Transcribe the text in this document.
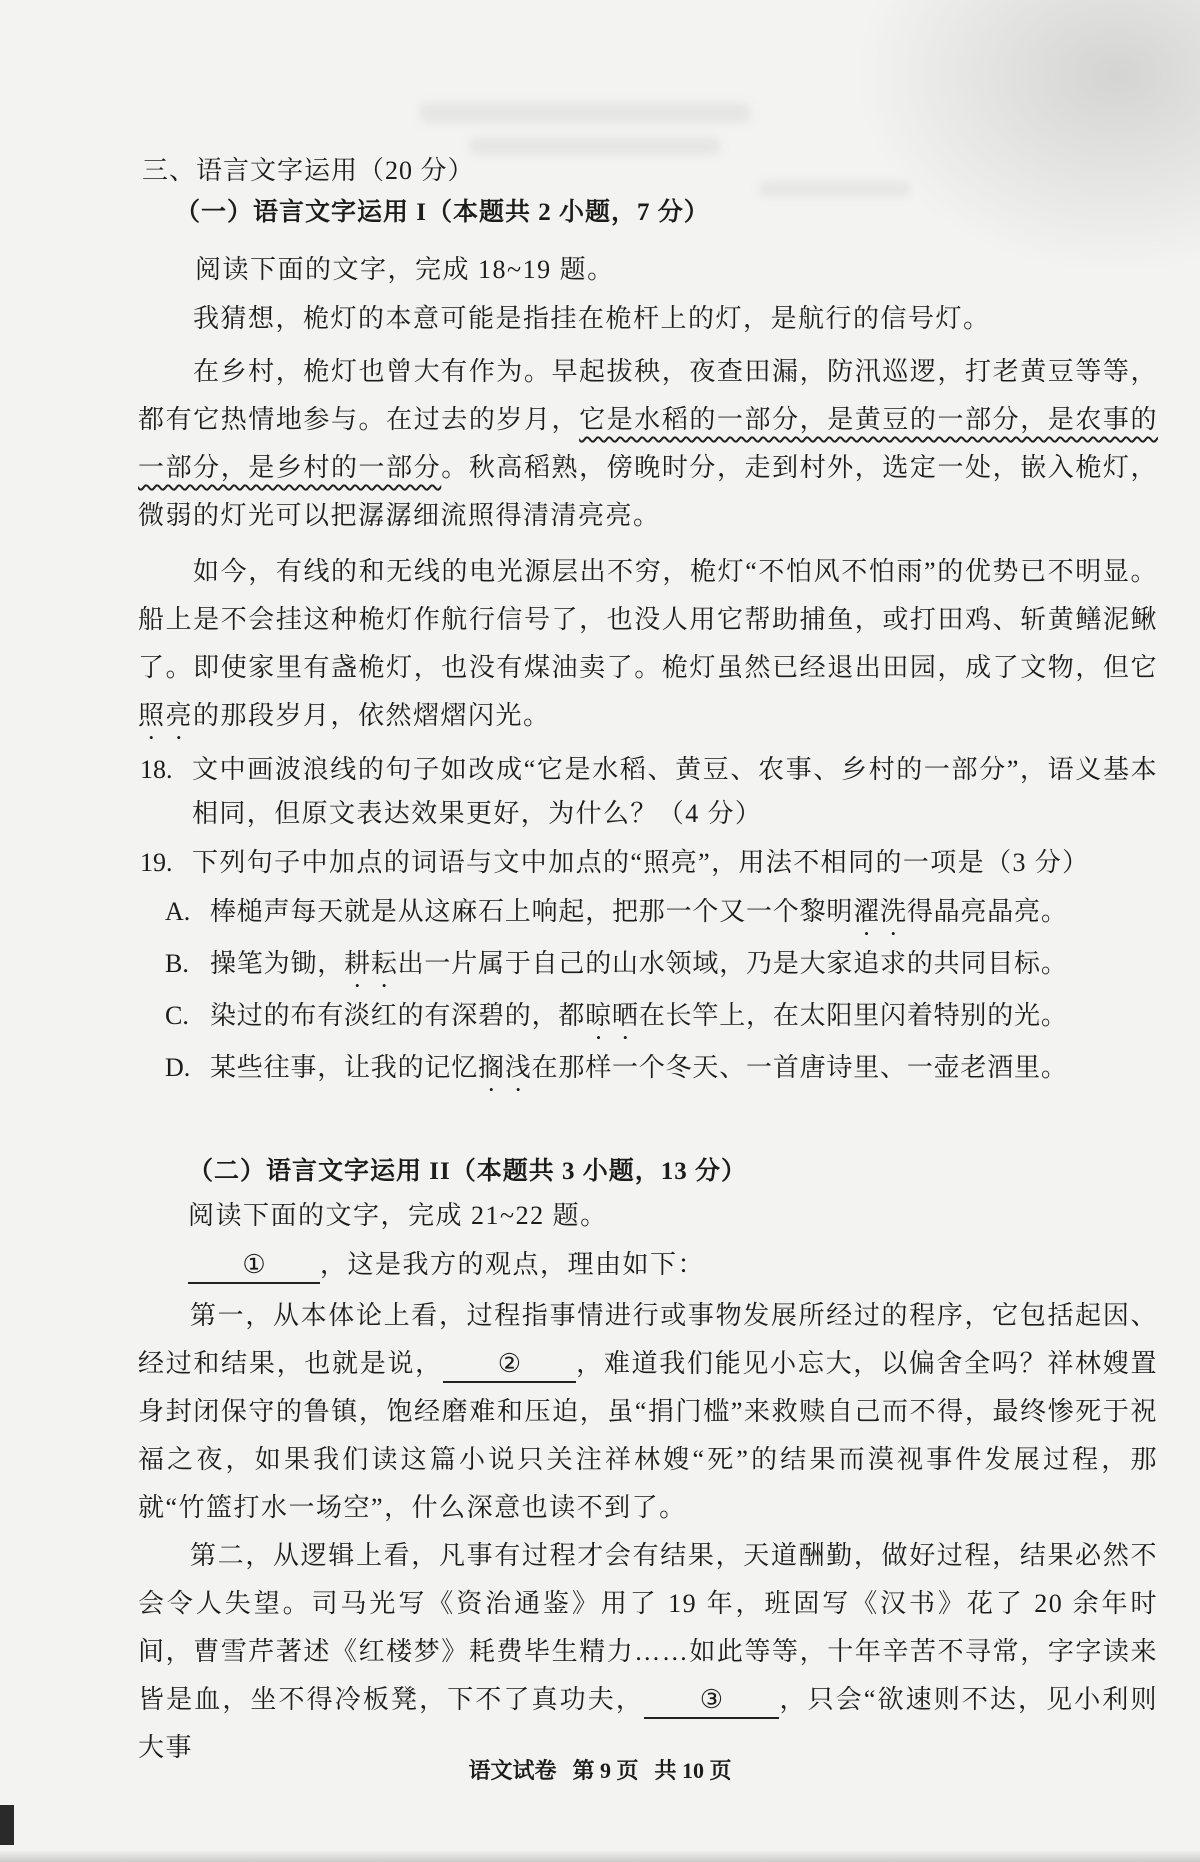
三、语言文字运用（20 分）
（一）语言文字运用 I（本题共 2 小题，7 分）
阅读下面的文字，完成 18~19 题。

我猜想，桅灯的本意可能是指挂在桅杆上的灯，是航行的信号灯。

在乡村，桅灯也曾大有作为。早起拔秧，夜查田漏，防汛巡逻，打老黄豆等等，都有它热情地参与。在过去的岁月，它是水稻的一部分，是黄豆的一部分，是农事的一部分，是乡村的一部分。秋高稻熟，傍晚时分，走到村外，选定一处，嵌入桅灯，微弱的灯光可以把潺潺细流照得清清亮亮。

如今，有线的和无线的电光源层出不穷，桅灯“不怕风不怕雨”的优势已不明显。船上是不会挂这种桅灯作航行信号了，也没人用它帮助捕鱼，或打田鸡、斩黄鳝泥鳅了。即使家里有盏桅灯，也没有煤油卖了。桅灯虽然已经退出田园，成了文物，但它照亮的那段岁月，依然熠熠闪光。

18. 文中画波浪线的句子如改成“它是水稻、黄豆、农事、乡村的一部分”，语义基本相同，但原文表达效果更好，为什么？（4 分）
19. 下列句子中加点的词语与文中加点的“照亮”，用法不相同的一项是（3 分）
A. 棒槌声每天就是从这麻石上响起，把那一个又一个黎明濯洗得晶亮晶亮。
B. 操笔为锄，耕耘出一片属于自己的山水领域，乃是大家追求的共同目标。
C. 染过的布有淡红的有深碧的，都晾晒在长竿上，在太阳里闪着特别的光。
D. 某些往事，让我的记忆搁浅在那样一个冬天、一首唐诗里、一壶老酒里。
（二）语言文字运用 II（本题共 3 小题，13 分）
阅读下面的文字，完成 21~22 题。

① ，这是我方的观点，理由如下：

第一，从本体论上看，过程指事情进行或事物发展所经过的程序，它包括起因、经过和结果，也就是说， ② ，难道我们能见小忘大，以偏舍全吗？祥林嫂置身封闭保守的鲁镇，饱经磨难和压迫，虽“捐门槛”来救赎自己而不得，最终惨死于祝福之夜，如果我们读这篇小说只关注祥林嫂“死”的结果而漠视事件发展过程，那就“竹篮打水一场空”，什么深意也读不到了。

第二，从逻辑上看，凡事有过程才会有结果，天道酬勤，做好过程，结果必然不会令人失望。司马光写《资治通鉴》用了 19 年，班固写《汉书》花了 20 余年时间，曹雪芹著述《红楼梦》耗费毕生精力……如此等等，十年辛苦不寻常，字字读来皆是血，坐不得冷板凳，下不了真功夫， ③ ，只会“欲速则不达，见小利则大事

语文试卷 第 9 页 共 10 页
